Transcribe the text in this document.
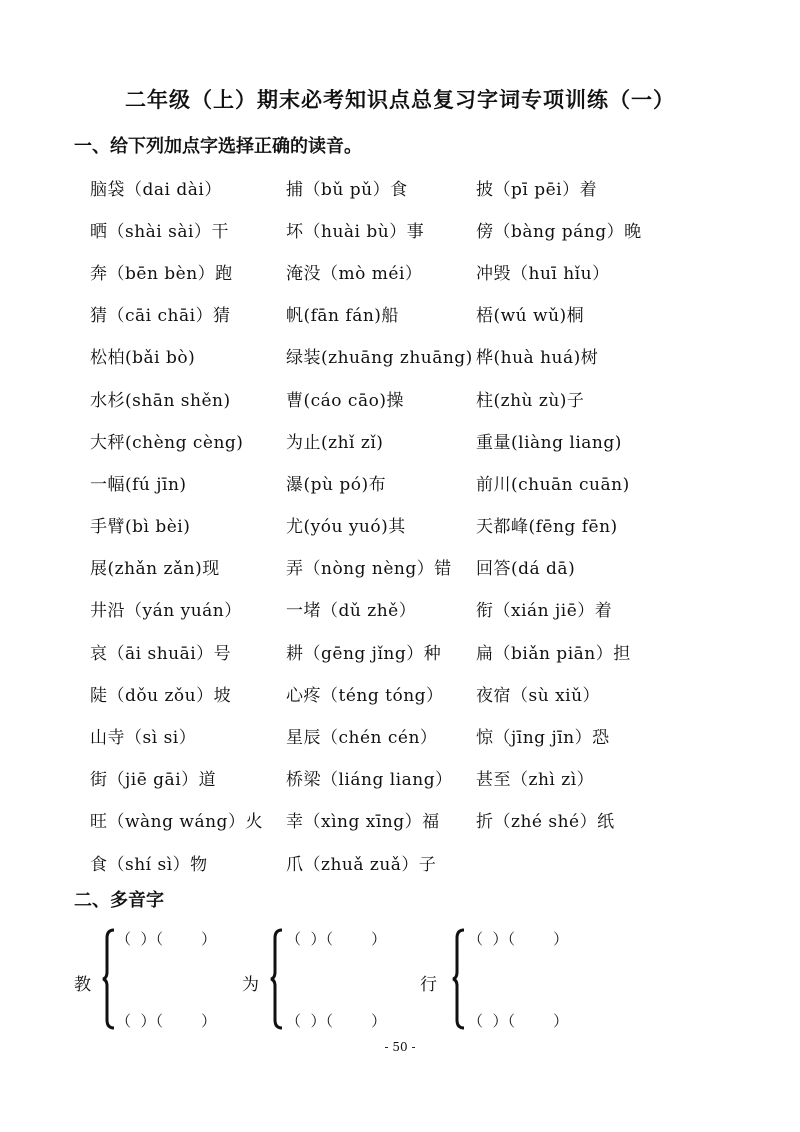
二年级（上）期末必考知识点总复习字词专项训练（一）
一、给下列加点字选择正确的读音。
脑袋（dai dài）	捕（bǔ pǔ）食	披（pī pēi）着
晒（shài sài）干	坏（huài bù）事	傍（bàng páng）晚
奔（bēn bèn）跑	淹没（mò méi）	冲毁（huī hǐu）
猜（cāi chāi）猜	帆(fān fán)船	梧(wú wǔ)桐
松柏(bǎi bò)	绿装(zhuāng zhuāng) 桦(huà huá)树
水杉(shān shěn)	曹(cáo cāo)操	柱(zhù zù)子
大秤(chèng cèng)	为止(zhǐ zǐ)	重量(liàng liang)
一幅(fú jīn)	瀑(pù pó)布	前川(chuān cuān)
手臂(bì bèi)	尤(yóu yuó)其	天都峰(fēng fēn)
展(zhǎn zǎn)现	弄（nòng nèng）错	回答(dá dā)
井沿（yán yuán）	一堵（dǔ zhě）	衔（xián jiē）着
哀（āi shuāi）号	耕（gēng jǐng）种	扁（biǎn piān）担
陡（dǒu zǒu）坡	心疼（téng tóng）	夜宿（sù xiǔ）
山寺（sì si）	星辰（chén cén）	惊（jīng jīn）恐
街（jiē gāi）道	桥梁（liáng liang）	甚至（zhì zì）
旺（wàng wáng）火	幸（xìng xīng）福	折（zhé shé）纸
食（shí sì）物	爪（zhuǎ zuǎ）子
二、多音字
教
（  ）（        ）
（  ）（        ）
为
（  ）（        ）
（  ）（        ）
行
（  ）（        ）
（  ）（        ）
- 50 -
